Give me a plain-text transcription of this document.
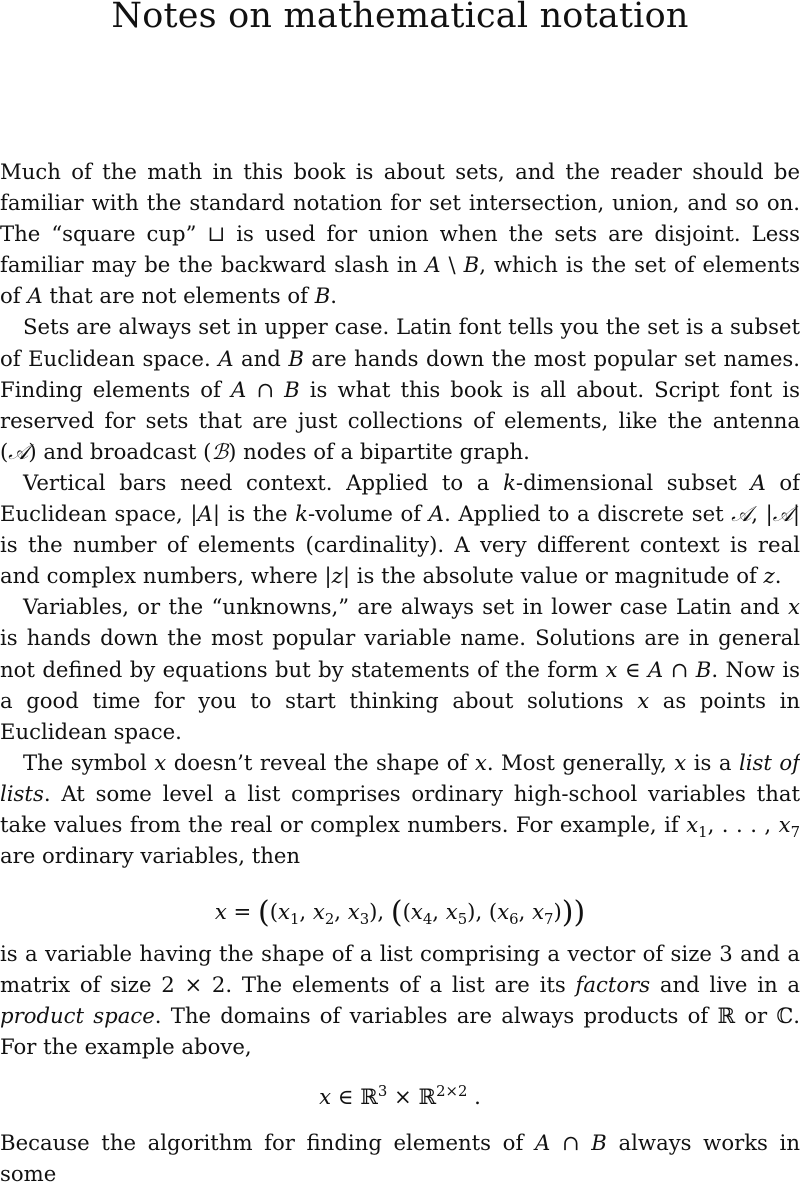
Notes on mathematical notation

Much of the math in this book is about sets, and the reader should be familiar with the standard notation for set intersection, union, and so on. The “square cup” ⊔ is used for union when the sets are disjoint. Less familiar may be the backward slash in A \ B, which is the set of elements of A that are not elements of B.

Sets are always set in upper case. Latin font tells you the set is a subset of Euclidean space. A and B are hands down the most popular set names. Finding elements of A ∩ B is what this book is all about. Script font is reserved for sets that are just collections of elements, like the antenna (𝒜) and broadcast (ℬ) nodes of a bipartite graph.

Vertical bars need context. Applied to a k-dimensional subset A of Euclidean space, |A| is the k-volume of A. Applied to a discrete set 𝒜, |𝒜| is the number of elements (cardinality). A very different context is real and complex numbers, where |z| is the absolute value or magnitude of z.

Variables, or the “unknowns,” are always set in lower case Latin and x is hands down the most popular variable name. Solutions are in general not defined by equations but by statements of the form x ∈ A ∩ B. Now is a good time for you to start thinking about solutions x as points in Euclidean space.

The symbol x doesn’t reveal the shape of x. Most generally, x is a list of lists. At some level a list comprises ordinary high-school variables that take values from the real or complex numbers. For example, if $x_1$, . . . , $x_7$ are ordinary variables, then

$x = ((x_1$, $x_2$, $x_3$), (($x_4$, $x_5$), ($x_6$, $x_7$)))

is a variable having the shape of a list comprising a vector of size 3 and a matrix of size 2 × 2. The elements of a list are its factors and live in a product space. The domains of variables are always products of ℝ or ℂ. For the example above,

x ∈ ℝ$^3$ × ℝ$^{2\times 2}$ .

Because the algorithm for finding elements of A ∩ B always works in some
